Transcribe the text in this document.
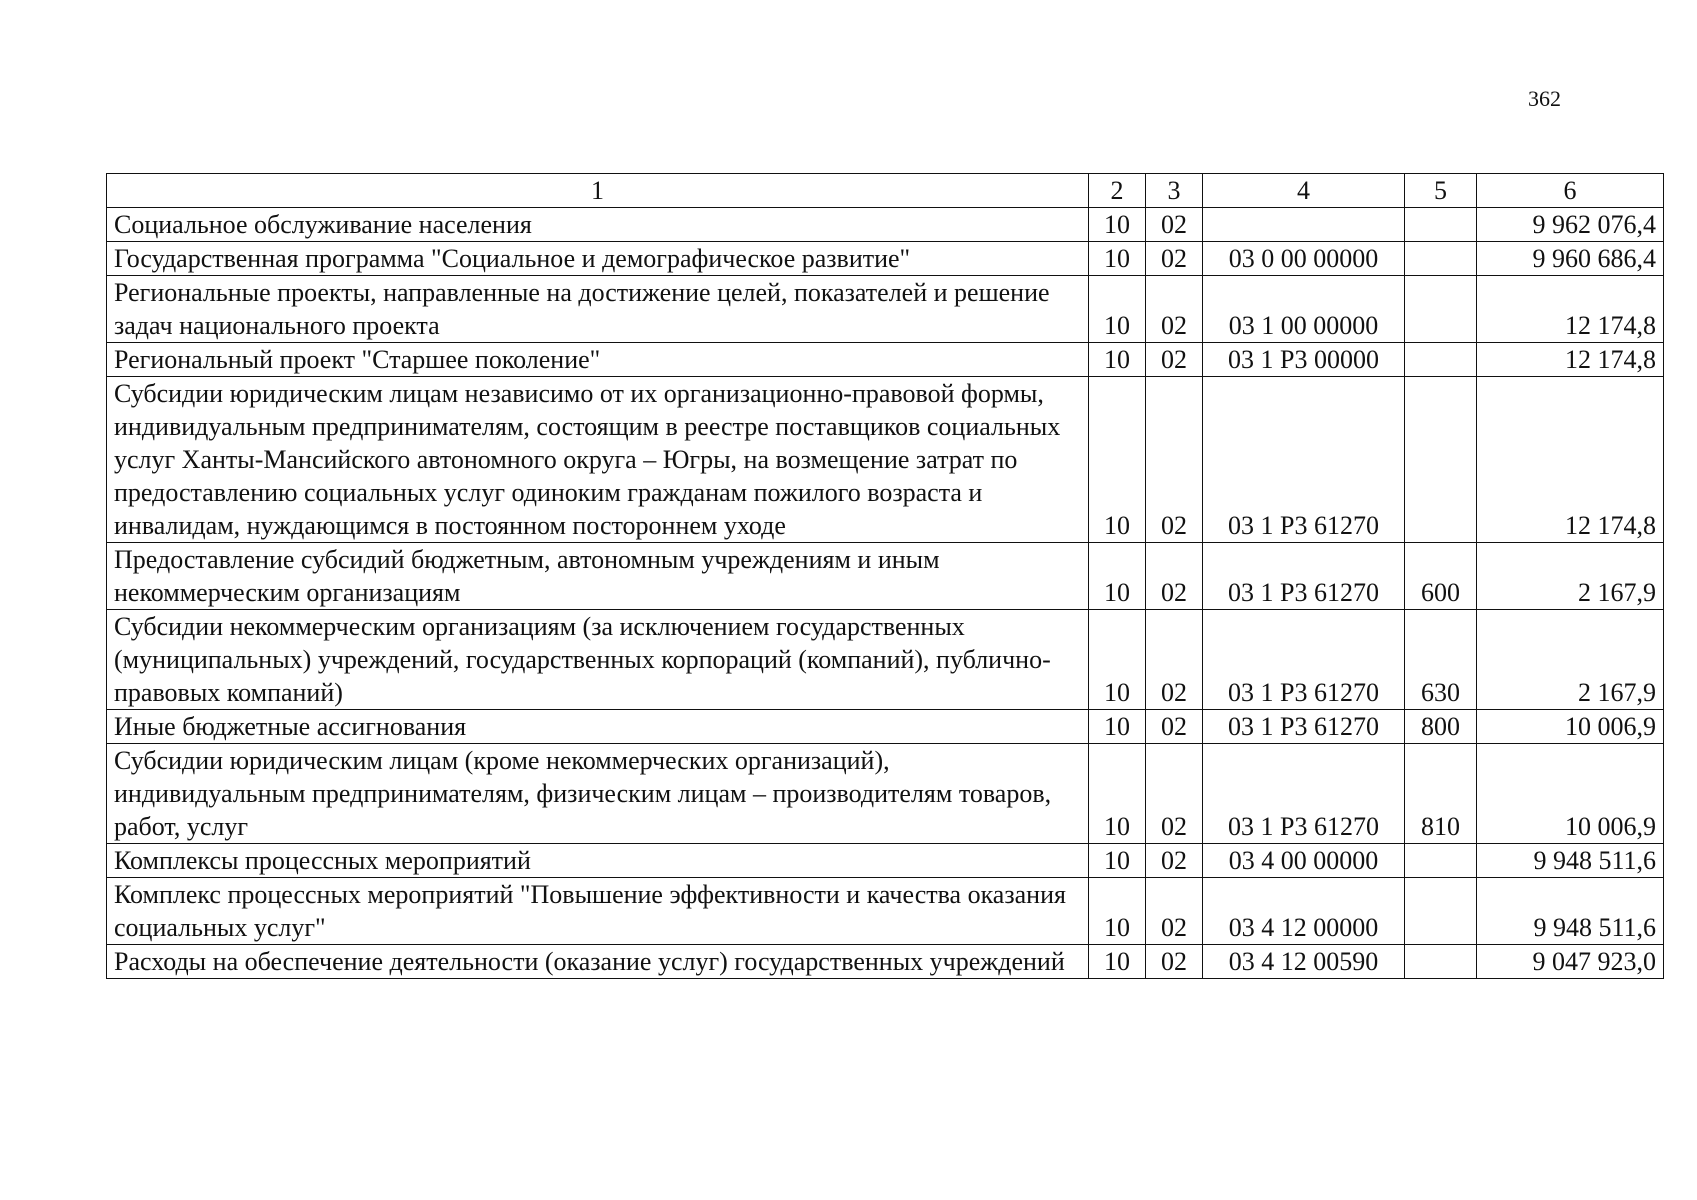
362
1	2	3	4	5	6
Социальное обслуживание населения	10	02			9 962 076,4
Государственная программа "Социальное и демографическое развитие"	10	02	03 0 00 00000		9 960 686,4
Региональные проекты, направленные на достижение целей, показателей и решение задач национального проекта	10	02	03 1 00 00000		12 174,8
Региональный проект "Старшее поколение"	10	02	03 1 Р3 00000		12 174,8
Субсидии юридическим лицам независимо от их организационно-правовой формы, индивидуальным предпринимателям, состоящим в реестре поставщиков социальных услуг Ханты-Мансийского автономного округа – Югры, на возмещение затрат по предоставлению социальных услуг одиноким гражданам пожилого возраста и инвалидам, нуждающимся в постоянном постороннем уходе	10	02	03 1 Р3 61270		12 174,8
Предоставление субсидий бюджетным, автономным учреждениям и иным некоммерческим организациям	10	02	03 1 Р3 61270	600	2 167,9
Субсидии некоммерческим организациям (за исключением государственных (муниципальных) учреждений, государственных корпораций (компаний), публично-правовых компаний)	10	02	03 1 Р3 61270	630	2 167,9
Иные бюджетные ассигнования	10	02	03 1 Р3 61270	800	10 006,9
Субсидии юридическим лицам (кроме некоммерческих организаций), индивидуальным предпринимателям, физическим лицам – производителям товаров, работ, услуг	10	02	03 1 Р3 61270	810	10 006,9
Комплексы процессных мероприятий	10	02	03 4 00 00000		9 948 511,6
Комплекс процессных мероприятий "Повышение эффективности и качества оказания социальных услуг"	10	02	03 4 12 00000		9 948 511,6
Расходы на обеспечение деятельности (оказание услуг) государственных учреждений	10	02	03 4 12 00590		9 047 923,0
